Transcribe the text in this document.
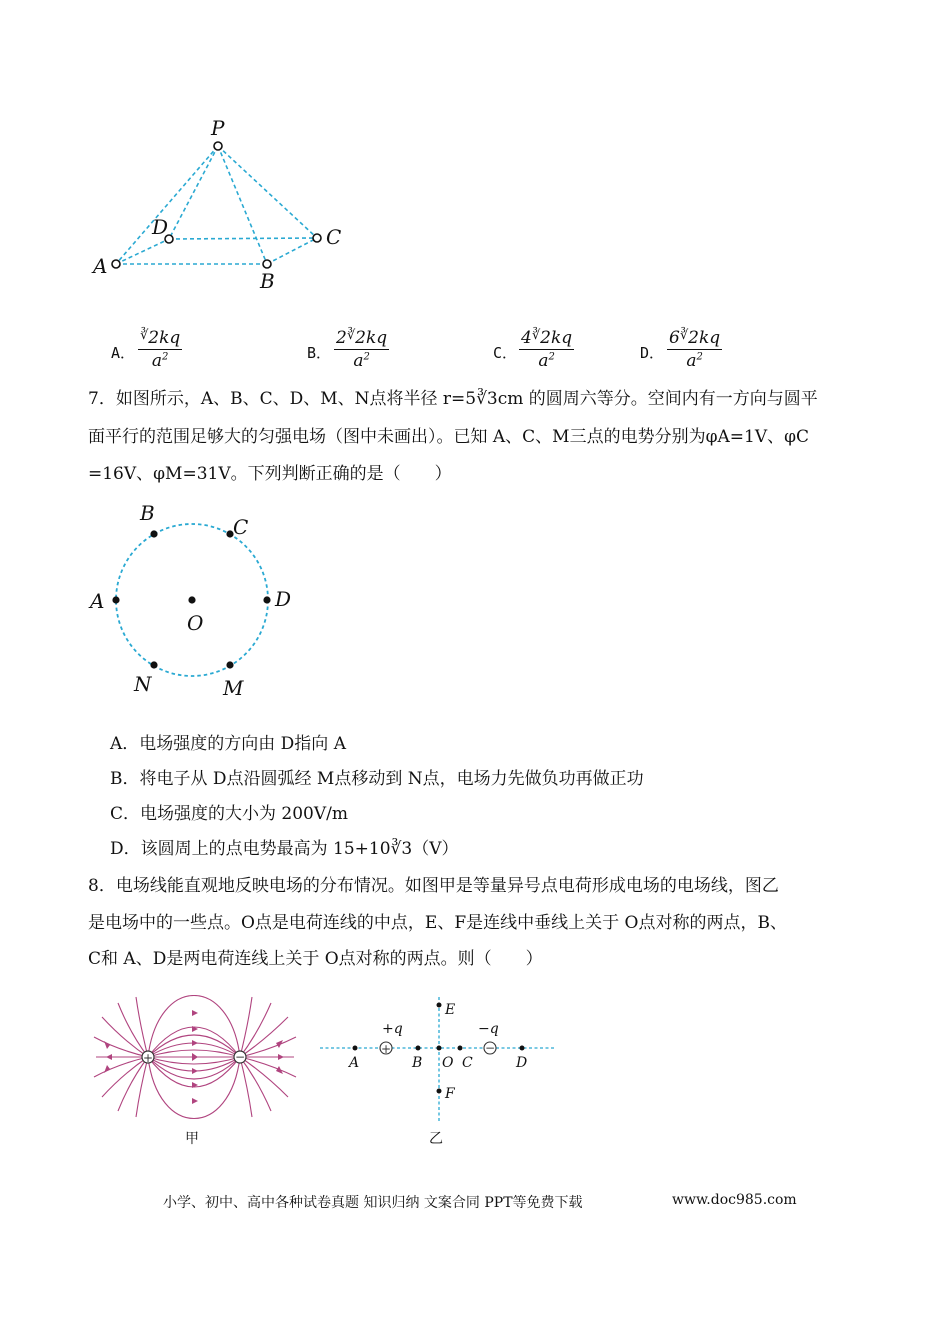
P
A
B
C
D
A． $\frac{^∛2kq}{a^2}$	B． $\frac{2^∛2kq}{a^2}$	C． $\frac{4^∛2kq}{a^2}$	D． $\frac{6^∛2kq}{a^2}$
7．如图所示，A、B、C、D、M、N点将半径 r=5∛3cm 的圆周六等分。空间内有一方向与圆平
面平行的范围足够大的匀强电场（图中未画出）。已知 A、C、M三点的电势分别为φA=1V、φC
=16V、φM=31V。下列判断正确的是（　　）
A
B
C
D
M
N
O
A．电场强度的方向由 D指向 A
B．将电子从 D点沿圆弧经 M点移动到 N点，电场力先做负功再做正功
C．电场强度的大小为 200V/m
D．该圆周上的点电势最高为 15+10∛3（V）
8．电场线能直观地反映电场的分布情况。如图甲是等量异号点电荷形成电场的电场线，图乙
是电场中的一些点。O点是电荷连线的中点，E、F是连线中垂线上关于 O点对称的两点，B、
C和 A、D是两电荷连线上关于 O点对称的两点。则（　　）
+	−
甲
+	−
A	B O C	D
E
F
+q	−q
乙
小学、初中、高中各种试卷真题 知识归纳 文案合同 PPT等免费下载	www.doc985.com
